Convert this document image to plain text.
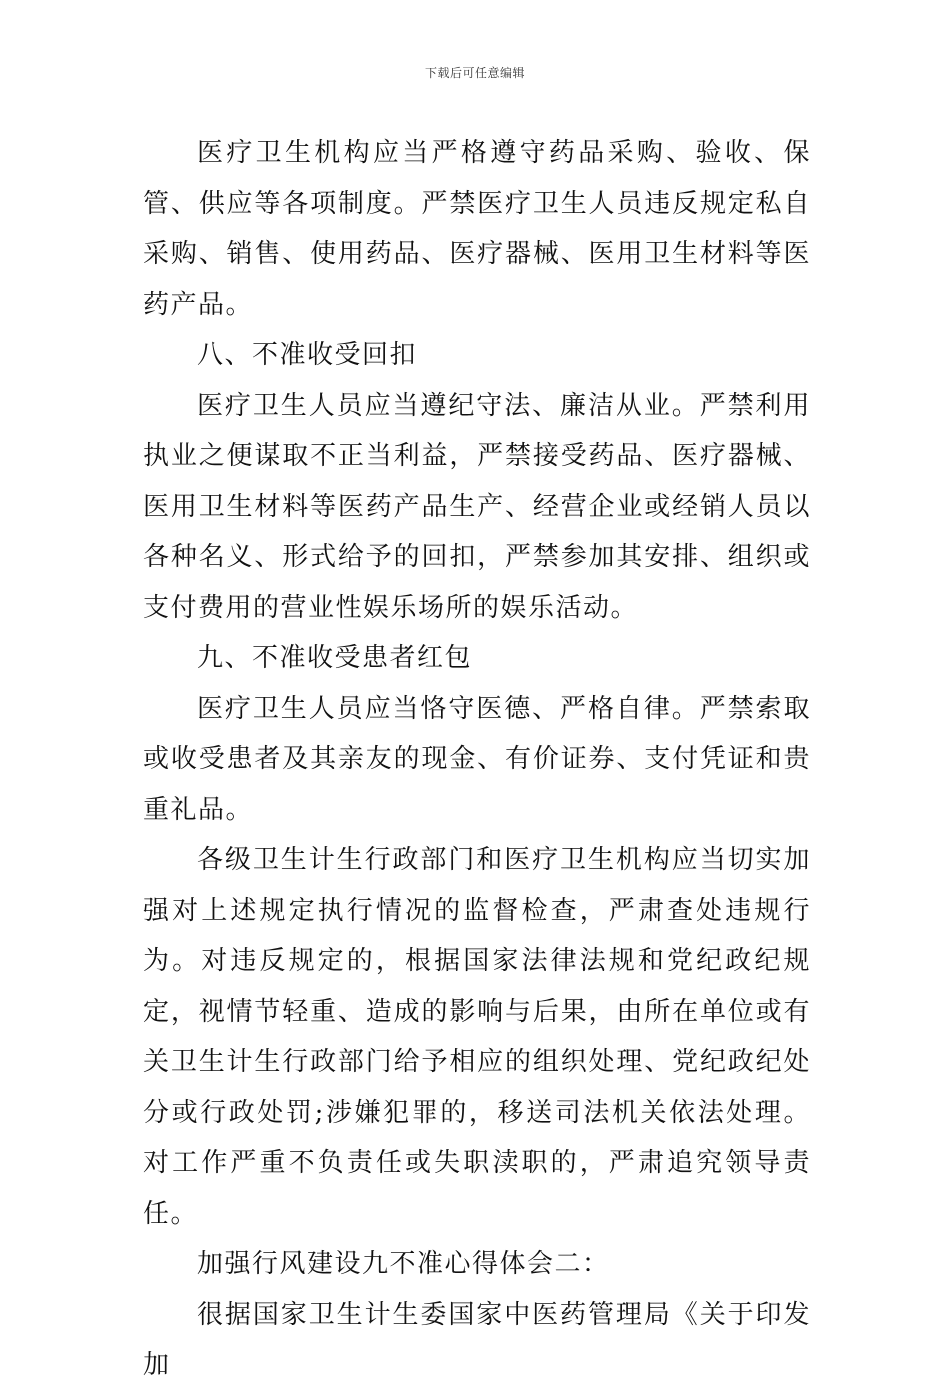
下载后可任意编辑

医疗卫生机构应当严格遵守药品采购、验收、保管、供应等各项制度。严禁医疗卫生人员违反规定私自采购、销售、使用药品、医疗器械、医用卫生材料等医药产品。

八、不准收受回扣

医疗卫生人员应当遵纪守法、廉洁从业。严禁利用执业之便谋取不正当利益，严禁接受药品、医疗器械、医用卫生材料等医药产品生产、经营企业或经销人员以各种名义、形式给予的回扣，严禁参加其安排、组织或支付费用的营业性娱乐场所的娱乐活动。

九、不准收受患者红包

医疗卫生人员应当恪守医德、严格自律。严禁索取或收受患者及其亲友的现金、有价证券、支付凭证和贵重礼品。

各级卫生计生行政部门和医疗卫生机构应当切实加强对上述规定执行情况的监督检查，严肃查处违规行为。对违反规定的，根据国家法律法规和党纪政纪规定，视情节轻重、造成的影响与后果，由所在单位或有关卫生计生行政部门给予相应的组织处理、党纪政纪处分或行政处罚;涉嫌犯罪的，移送司法机关依法处理。对工作严重不负责任或失职渎职的，严肃追究领导责任。

加强行风建设九不准心得体会二：

很据国家卫生计生委国家中医药管理局《关于印发加
